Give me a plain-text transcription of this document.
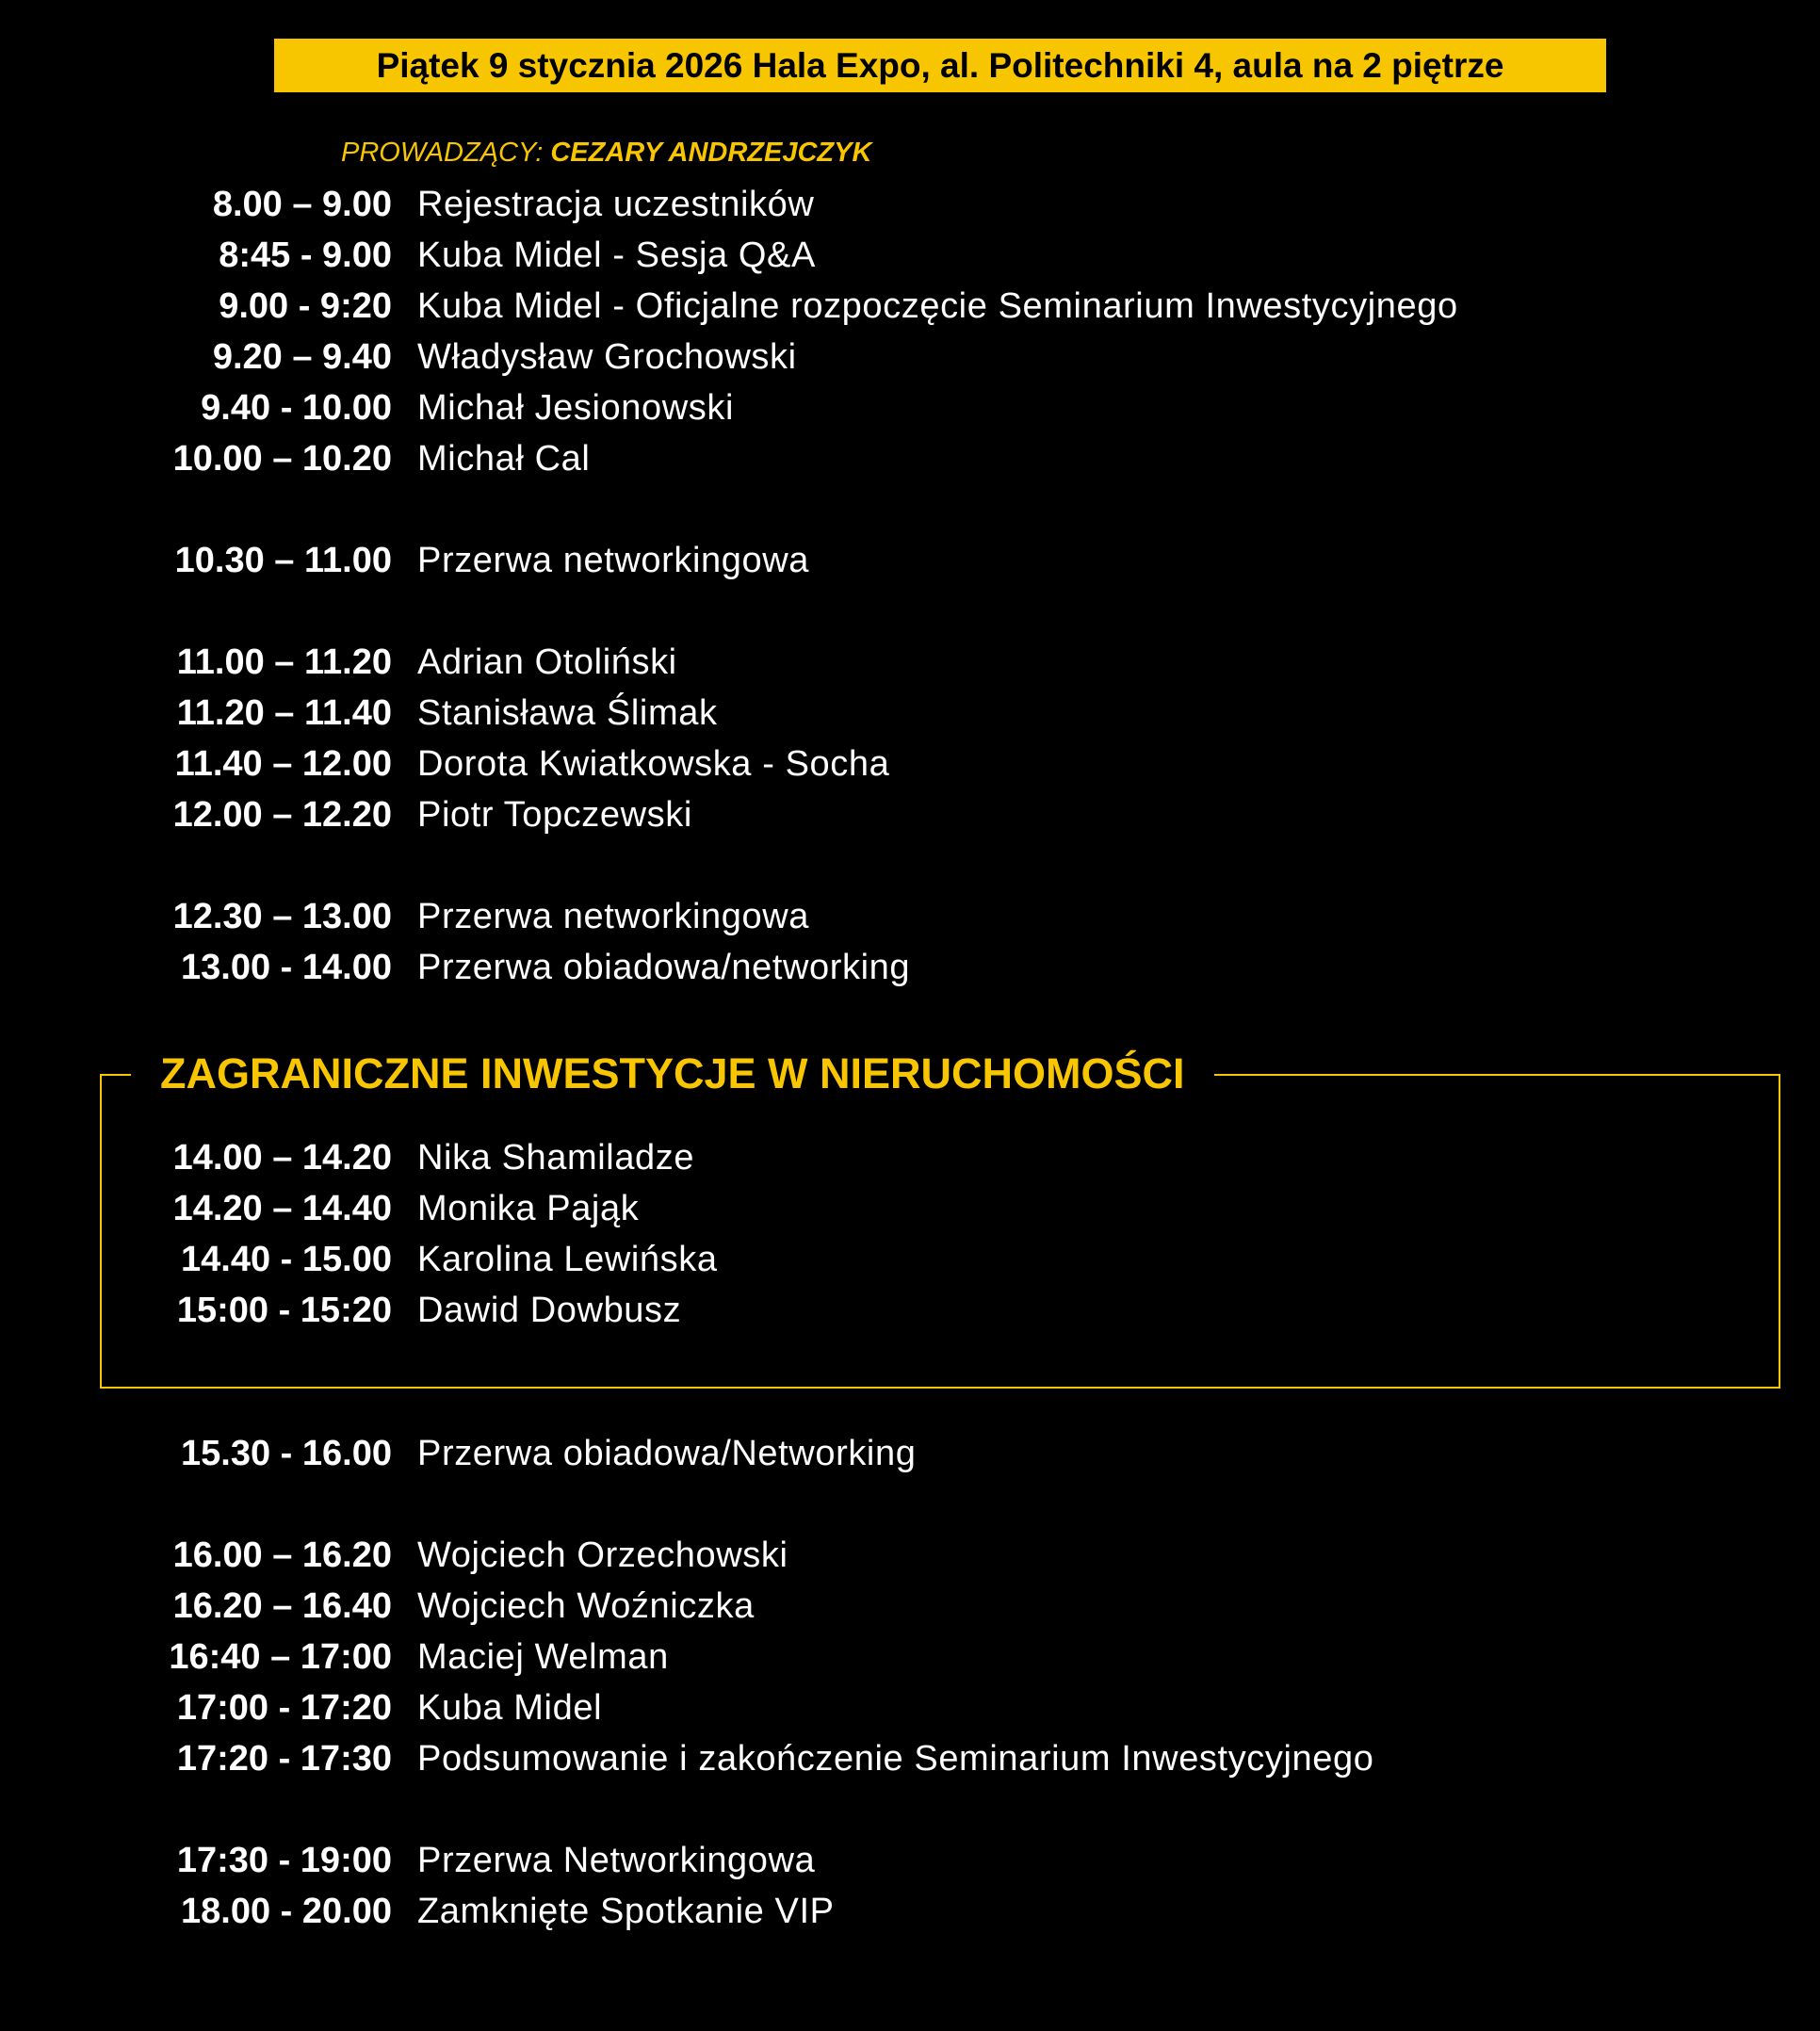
Piątek 9 stycznia 2026 Hala Expo, al. Politechniki 4, aula na 2 piętrze
PROWADZĄCY: CEZARY ANDRZEJCZYK
8.00 – 9.00 Rejestracja uczestników
8:45 - 9.00 Kuba Midel - Sesja Q&A
9.00 - 9:20 Kuba Midel - Oficjalne rozpoczęcie Seminarium Inwestycyjnego
9.20 – 9.40 Władysław Grochowski
9.40 - 10.00 Michał Jesionowski
10.00 – 10.20 Michał Cal
10.30 – 11.00 Przerwa networkingowa
11.00 – 11.20 Adrian Otoliński
11.20 – 11.40 Stanisława Ślimak
11.40 – 12.00 Dorota Kwiatkowska - Socha
12.00 – 12.20 Piotr Topczewski
12.30 – 13.00 Przerwa networkingowa
13.00 - 14.00 Przerwa obiadowa/networking
ZAGRANICZNE INWESTYCJE W NIERUCHOMOŚCI
14.00 – 14.20 Nika Shamiladze
14.20 – 14.40 Monika Pająk
14.40 - 15.00 Karolina Lewińska
15:00 - 15:20 Dawid Dowbusz
15.30 - 16.00 Przerwa obiadowa/Networking
16.00 – 16.20 Wojciech Orzechowski
16.20 – 16.40 Wojciech Woźniczka
16:40 – 17:00 Maciej Welman
17:00 - 17:20 Kuba Midel
17:20 - 17:30 Podsumowanie i zakończenie Seminarium Inwestycyjnego
17:30 - 19:00 Przerwa Networkingowa
18.00 - 20.00 Zamknięte Spotkanie VIP
